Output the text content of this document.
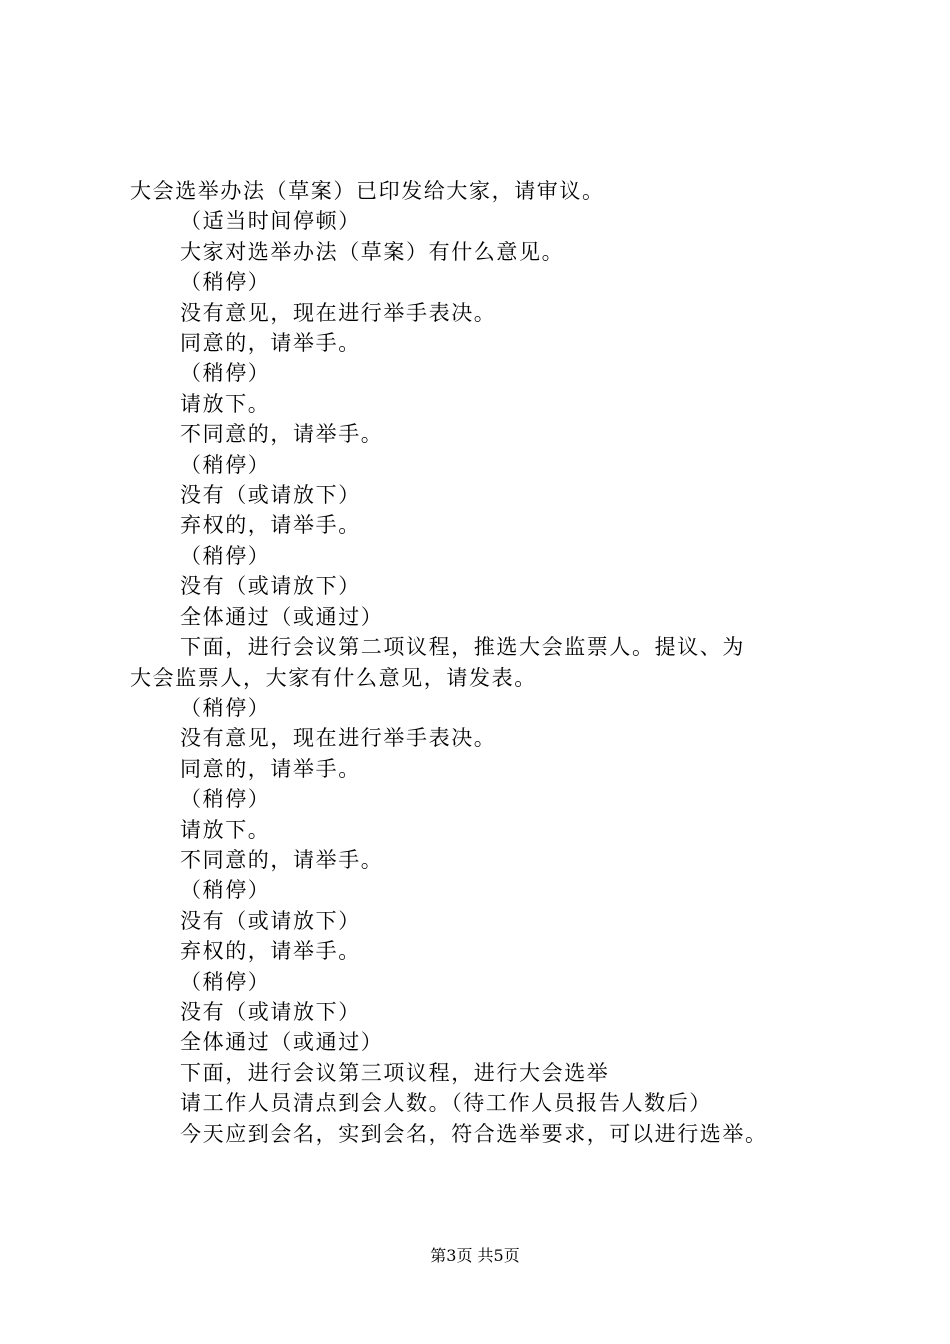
大会选举办法（草案）已印发给大家，请审议。
（适当时间停顿）
大家对选举办法（草案）有什么意见。
（稍停）
没有意见，现在进行举手表决。
同意的，请举手。
（稍停）
请放下。
不同意的，请举手。
（稍停）
没有（或请放下）
弃权的，请举手。
（稍停）
没有（或请放下）
全体通过（或通过）
下面，进行会议第二项议程，推选大会监票人。提议、为
大会监票人，大家有什么意见，请发表。
（稍停）
没有意见，现在进行举手表决。
同意的，请举手。
（稍停）
请放下。
不同意的，请举手。
（稍停）
没有（或请放下）
弃权的，请举手。
（稍停）
没有（或请放下）
全体通过（或通过）
下面，进行会议第三项议程，进行大会选举
请工作人员清点到会人数。（待工作人员报告人数后）
今天应到会名，实到会名，符合选举要求，可以进行选举。
第3页 共5页
